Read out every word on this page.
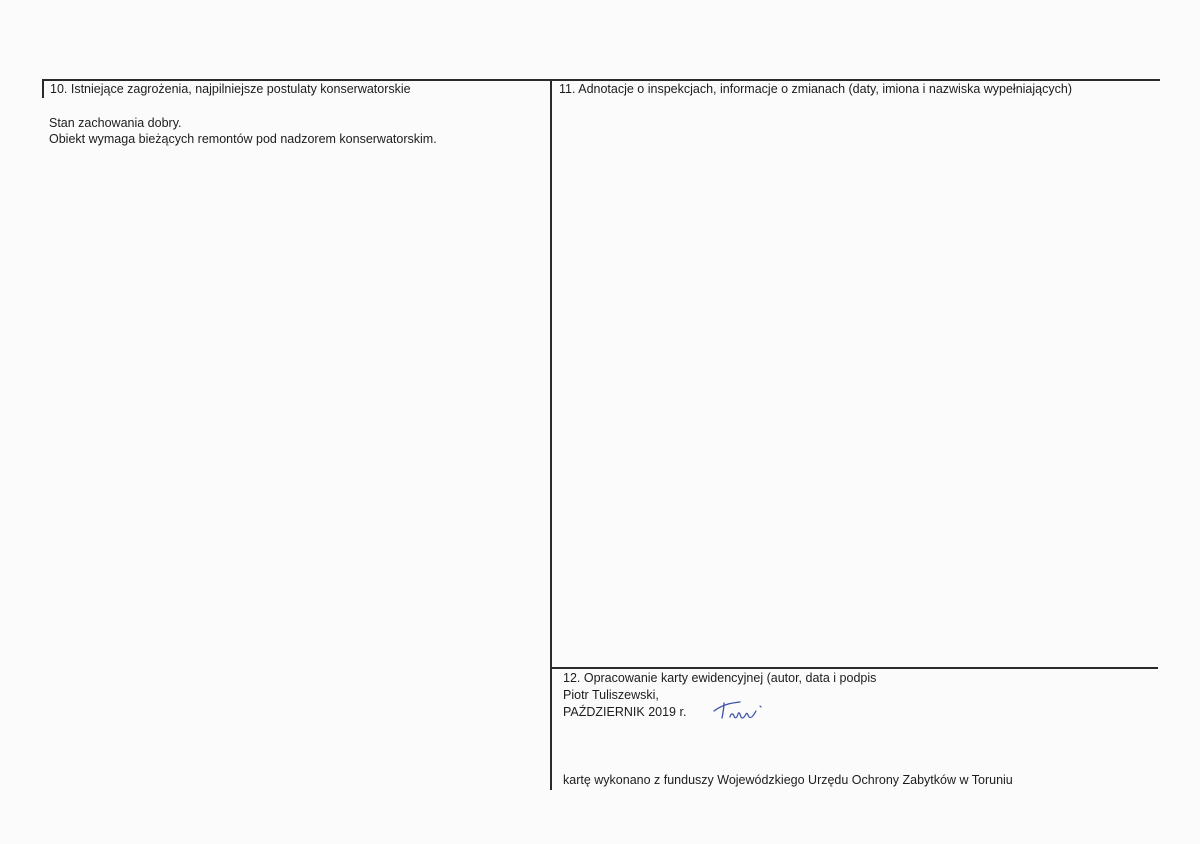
10. Istniejące zagrożenia, najpilniejsze postulaty konserwatorskie
Stan zachowania dobry.
Obiekt wymaga bieżących remontów pod nadzorem konserwatorskim.
11. Adnotacje o inspekcjach, informacje o zmianach (daty, imiona i nazwiska wypełniających)
12. Opracowanie karty ewidencyjnej (autor, data i podpis
Piotr Tuliszewski,
PAŹDZIERNIK 2019 r.
kartę wykonano z funduszy Wojewódzkiego Urzędu Ochrony Zabytków w Toruniu
